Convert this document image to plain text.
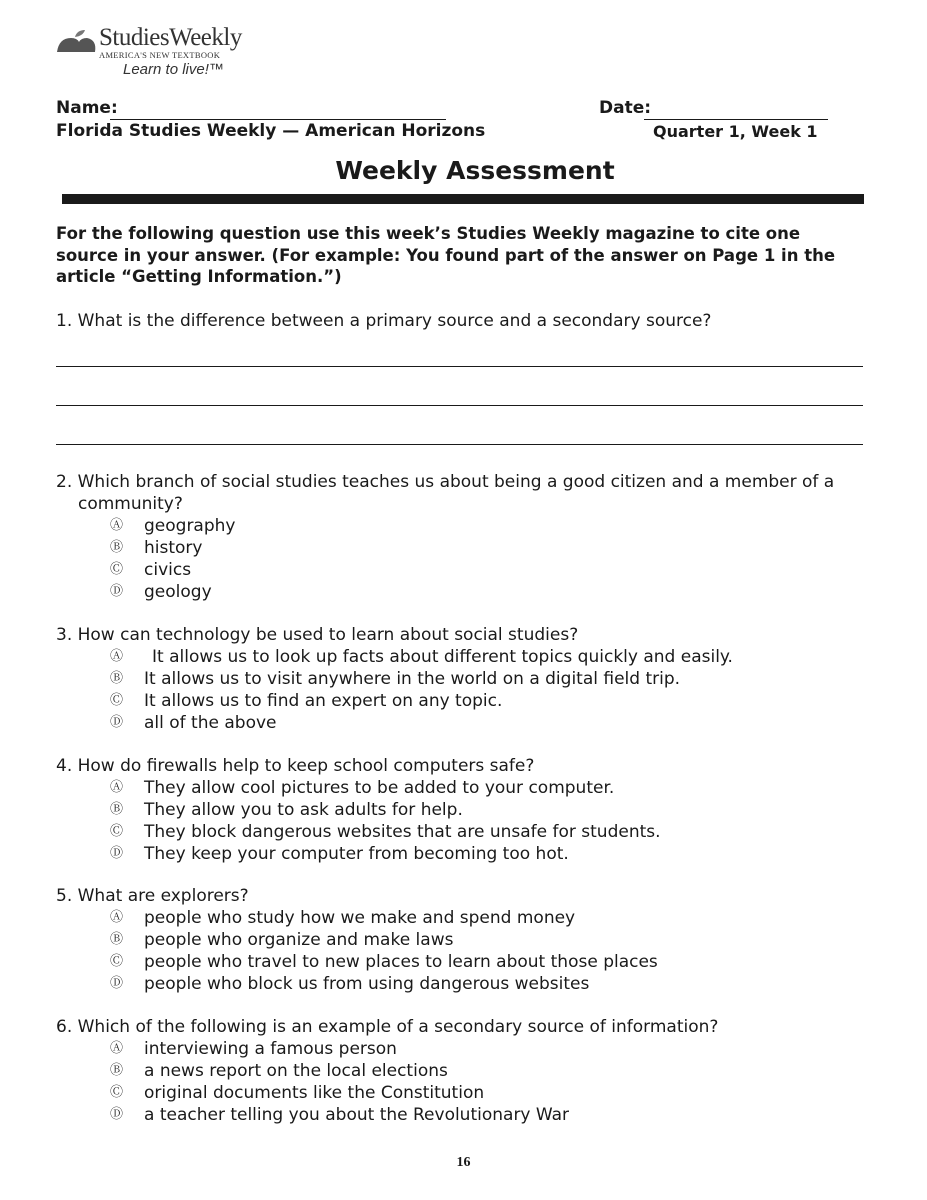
StudiesWeekly
AMERICA'S NEW TEXTBOOK
Learn to live!™
Name:	Date:
Florida Studies Weekly — American Horizons	Quarter 1, Week 1
Weekly Assessment
For the following question use this week’s Studies Weekly magazine to cite one source in your answer. (For example: You found part of the answer on Page 1 in the article “Getting Information.”)
1. What is the difference between a primary source and a secondary source?
2. Which branch of social studies teaches us about being a good citizen and a member of a community?
Ⓐ geography
Ⓑ history
Ⓒ civics
Ⓓ geology
3. How can technology be used to learn about social studies?
Ⓐ It allows us to look up facts about different topics quickly and easily.
Ⓑ It allows us to visit anywhere in the world on a digital field trip.
Ⓒ It allows us to find an expert on any topic.
Ⓓ all of the above
4. How do firewalls help to keep school computers safe?
Ⓐ They allow cool pictures to be added to your computer.
Ⓑ They allow you to ask adults for help.
Ⓒ They block dangerous websites that are unsafe for students.
Ⓓ They keep your computer from becoming too hot.
5. What are explorers?
Ⓐ people who study how we make and spend money
Ⓑ people who organize and make laws
Ⓒ people who travel to new places to learn about those places
Ⓓ people who block us from using dangerous websites
6. Which of the following is an example of a secondary source of information?
Ⓐ interviewing a famous person
Ⓑ a news report on the local elections
Ⓒ original documents like the Constitution
Ⓓ a teacher telling you about the Revolutionary War
16
